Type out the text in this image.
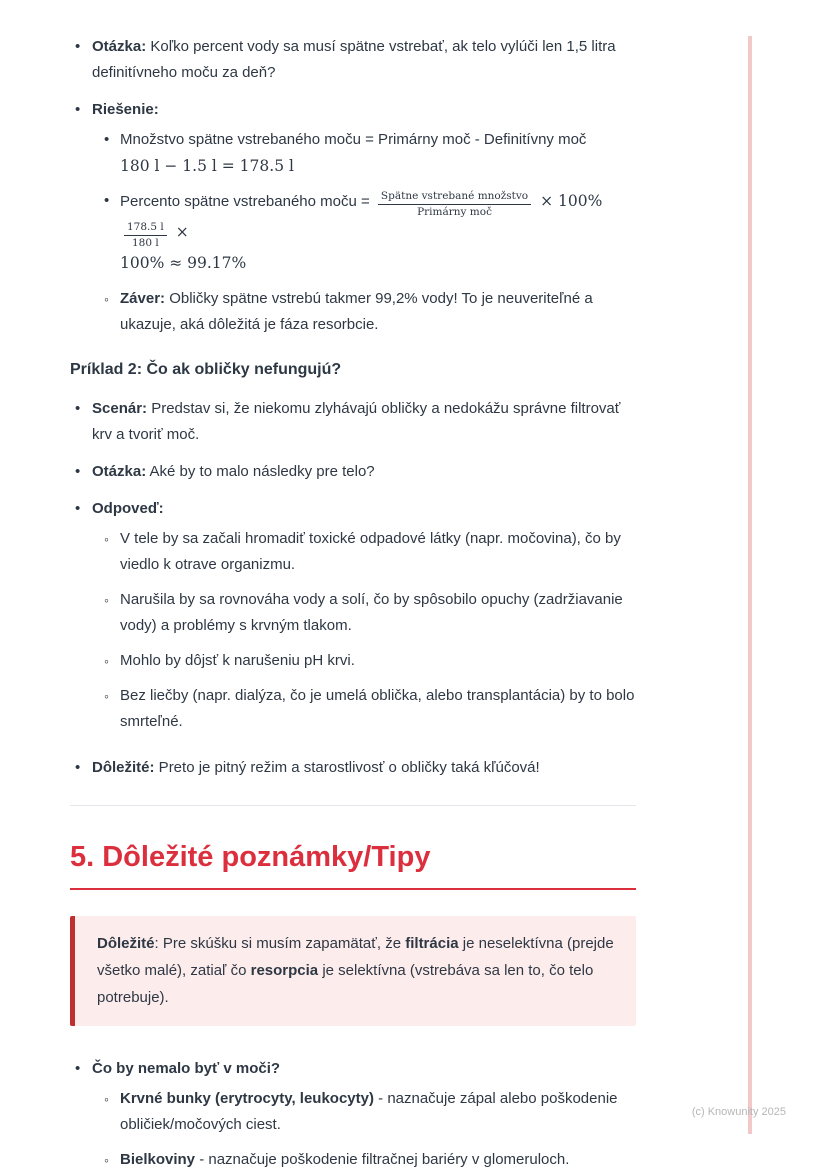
• Otázka: Koľko percent vody sa musí spätne vstrebať, ak telo vylúči len 1,5 litra definitívneho moču za deň?
• Riešenie:
• Množstvo spätne vstrebaného moču = Primárny moč - Definitívny moč
180 l − 1.5 l = 178.5 l
• Percento spätne vstrebaného moču = $\frac{\text{Spätne vstrebané množstvo}}{\text{Primárny moč}} \times 100\%$
$\frac{178.5 l}{180 l}$ ×
100% ≈ 99.17%
◦ Záver: Obličky spätne vstrebú takmer 99,2% vody! To je neuveriteľné a ukazuje, aká dôležitá je fáza resorbcie.
Príklad 2: Čo ak obličky nefungujú?
• Scenár: Predstav si, že niekomu zlyhávajú obličky a nedokážu správne filtrovať krv a tvoriť moč.
• Otázka: Aké by to malo následky pre telo?
• Odpoveď:
◦ V tele by sa začali hromadiť toxické odpadové látky (napr. močovina), čo by viedlo k otrave organizmu.
◦ Narušila by sa rovnováha vody a solí, čo by spôsobilo opuchy (zadržiavanie vody) a problémy s krvným tlakom.
◦ Mohlo by dôjsť k narušeniu pH krvi.
◦ Bez liečby (napr. dialýza, čo je umelá oblička, alebo transplantácia) by to bolo smrteľné.
• Dôležité: Preto je pitný režim a starostlivosť o obličky taká kľúčová!
5. Dôležité poznámky/Tipy

Dôležité: Pre skúšku si musím zapamätať, že filtrácia je neselektívna (prejde všetko malé), zatiaľ čo resorpcia je selektívna (vstrebáva sa len to, čo telo potrebuje).

• Čo by nemalo byť v moči?
◦ Krvné bunky (erytrocyty, leukocyty) - naznačuje zápal alebo poškodenie obličiek/močových ciest.
◦ Bielkoviny - naznačuje poškodenie filtračnej bariéry v glomeruloch.
(c) Knowunity 2025
